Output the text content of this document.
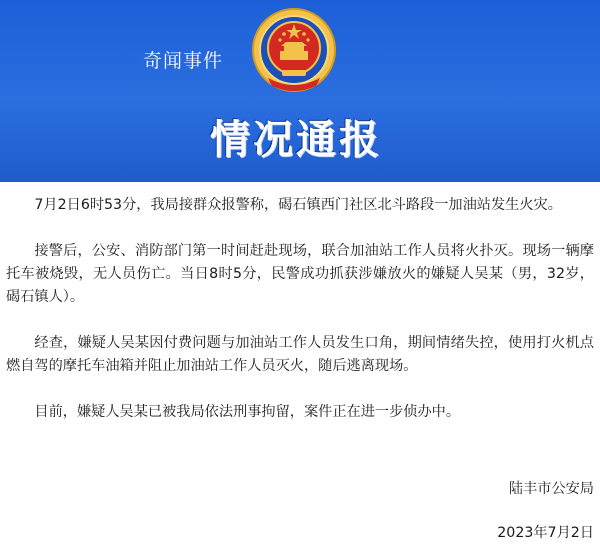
奇闻事件
情况通报

7月2日6时53分，我局接群众报警称，碣石镇西门社区北斗路段一加油站发生火灾。

接警后，公安、消防部门第一时间赶赴现场，联合加油站工作人员将火扑灭。现场一辆摩托车被烧毁，无人员伤亡。当日8时5分，民警成功抓获涉嫌放火的嫌疑人吴某（男，32岁，碣石镇人）。

经查，嫌疑人吴某因付费问题与加油站工作人员发生口角，期间情绪失控，使用打火机点燃自驾的摩托车油箱并阻止加油站工作人员灭火，随后逃离现场。

目前，嫌疑人吴某已被我局依法刑事拘留，案件正在进一步侦办中。

陆丰市公安局
2023年7月2日
